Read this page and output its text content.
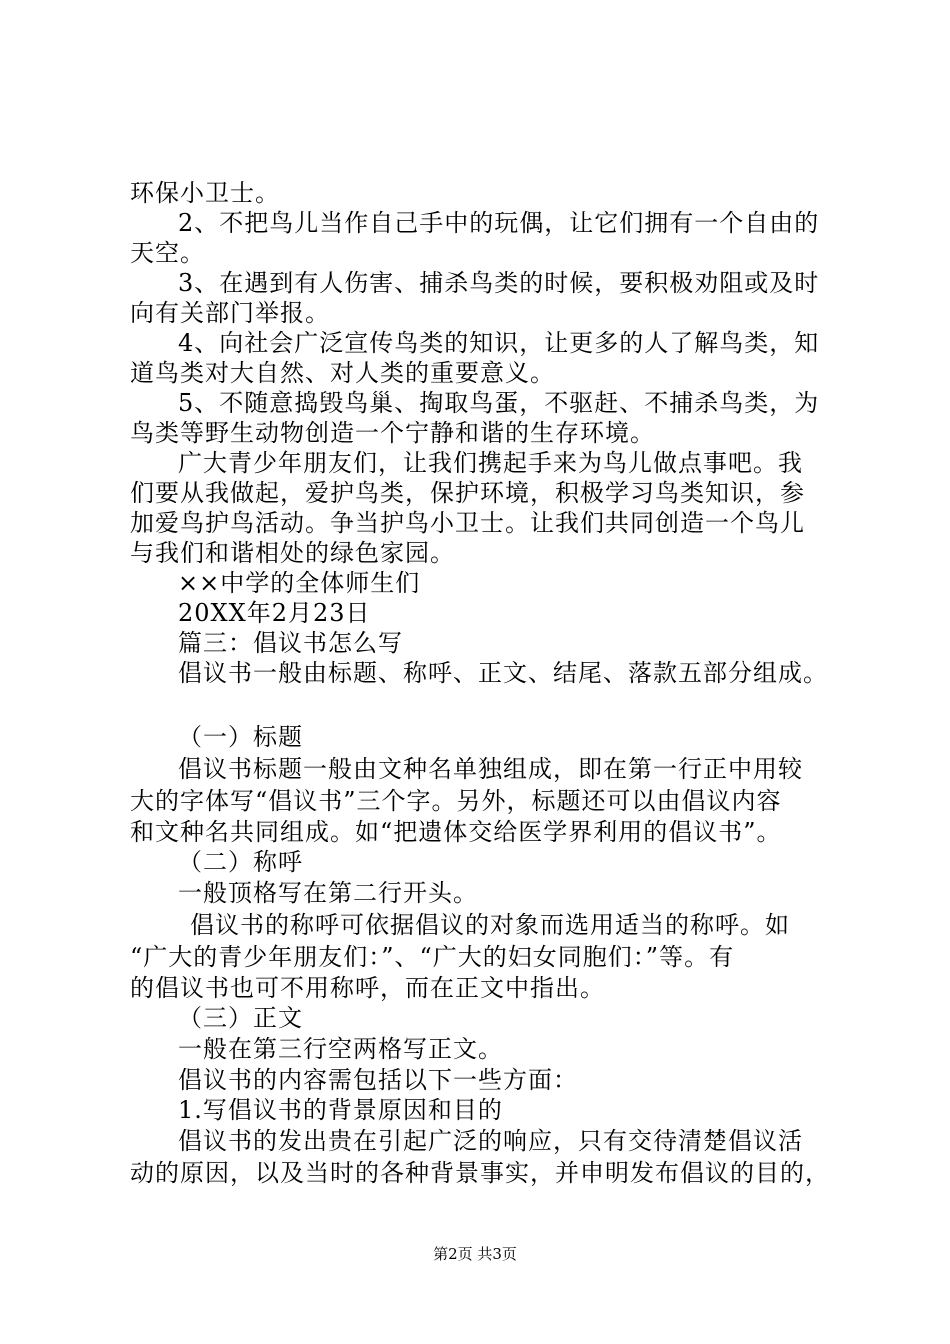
环保小卫士。
2、不把鸟儿当作自己手中的玩偶，让它们拥有一个自由的
天空。
3、在遇到有人伤害、捕杀鸟类的时候，要积极劝阻或及时
向有关部门举报。
4、向社会广泛宣传鸟类的知识，让更多的人了解鸟类，知
道鸟类对大自然、对人类的重要意义。
5、不随意捣毁鸟巢、掏取鸟蛋，不驱赶、不捕杀鸟类，为
鸟类等野生动物创造一个宁静和谐的生存环境。
广大青少年朋友们，让我们携起手来为鸟儿做点事吧。我
们要从我做起，爱护鸟类，保护环境，积极学习鸟类知识，参
加爱鸟护鸟活动。争当护鸟小卫士。让我们共同创造一个鸟儿
与我们和谐相处的绿色家园。
××中学的全体师生们
20XX年2月23日
篇三：倡议书怎么写
倡议书一般由标题、称呼、正文、结尾、落款五部分组成。
（一）标题
倡议书标题一般由文种名单独组成，即在第一行正中用较
大的字体写“倡议书”三个字。另外，标题还可以由倡议内容
和文种名共同组成。如“把遗体交给医学界利用的倡议书”。
（二）称呼
一般顶格写在第二行开头。
倡议书的称呼可依据倡议的对象而选用适当的称呼。如
“广大的青少年朋友们：”、“广大的妇女同胞们：”等。有
的倡议书也可不用称呼，而在正文中指出。
（三）正文
一般在第三行空两格写正文。
倡议书的内容需包括以下一些方面：
1.写倡议书的背景原因和目的
倡议书的发出贵在引起广泛的响应，只有交待清楚倡议活
动的原因，以及当时的各种背景事实，并申明发布倡议的目的，
第2页 共3页
